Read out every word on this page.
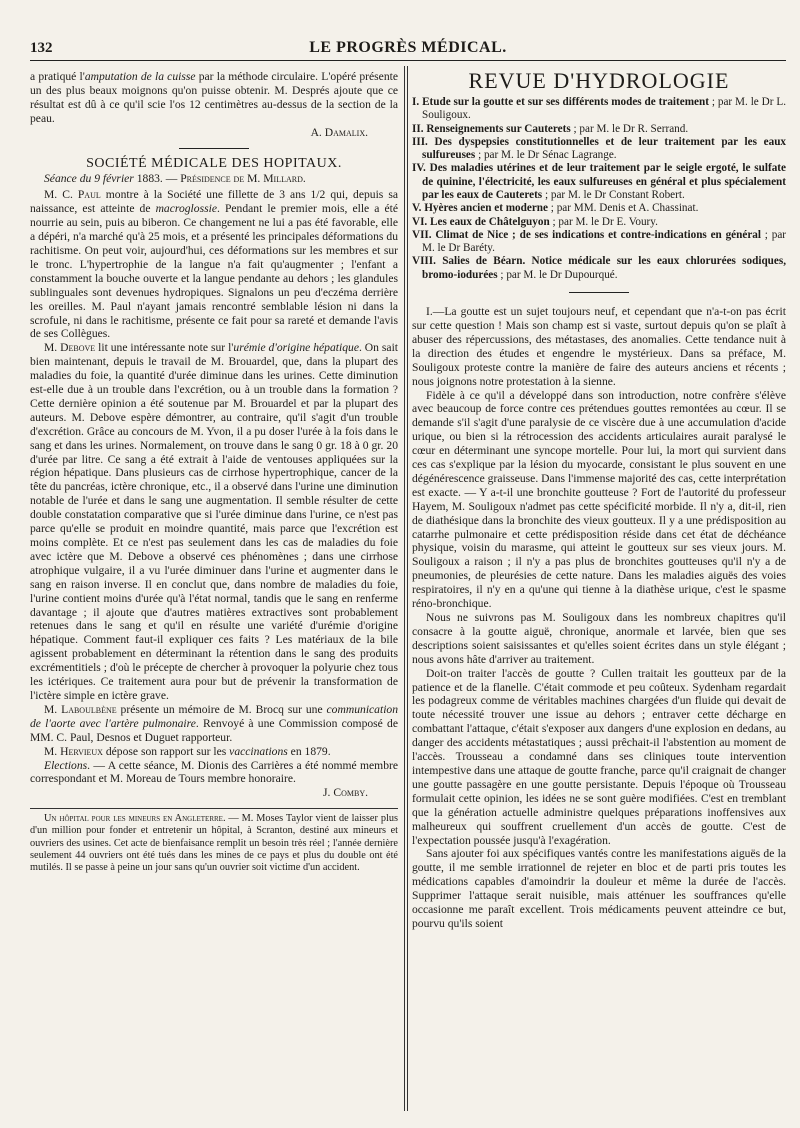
132	LE PROGRÈS MÉDICAL.

a pratiqué l'amputation de la cuisse par la méthode circulaire. L'opéré présente un des plus beaux moignons qu'on puisse obtenir. M. Després ajoute que ce résultat est dû à ce qu'il scie l'os 12 centimètres au-dessus de la section de la peau.

A. Damalix.

SOCIÉTÉ MÉDICALE DES HOPITAUX.

Séance du 9 février 1883. — Présidence de M. Millard.

M. C. Paul montre à la Société une fillette de 3 ans 1/2 qui, depuis sa naissance, est atteinte de macroglossie. Pendant le premier mois, elle a été nourrie au sein, puis au biberon. Ce changement ne lui a pas été favorable, elle a dépéri, n'a marché qu'à 25 mois, et a présenté les principales déformations du rachitisme. On peut voir, aujourd'hui, ces déformations sur les membres et sur le tronc. L'hypertrophie de la langue n'a fait qu'augmenter ; l'enfant a constamment la bouche ouverte et la langue pendante au dehors ; les glandules sublinguales sont devenues hydropiques. Signalons un peu d'eczéma derrière les oreilles. M. Paul n'ayant jamais rencontré semblable lésion ni dans la scrofule, ni dans le rachitisme, présente ce fait pour sa rareté et demande l'avis de ses Collègues.

M. Debove lit une intéressante note sur l'urémie d'origine hépatique. On sait bien maintenant, depuis le travail de M. Brouardel, que, dans la plupart des maladies du foie, la quantité d'urée diminue dans les urines. Cette diminution est-elle due à un trouble dans l'excrétion, ou à un trouble dans la formation ? Cette dernière opinion a été soutenue par M. Brouardel et par la plupart des auteurs. M. Debove espère démontrer, au contraire, qu'il s'agit d'un trouble d'excrétion. Grâce au concours de M. Yvon, il a pu doser l'urée à la fois dans le sang et dans les urines. Normalement, on trouve dans le sang 0 gr. 18 à 0 gr. 20 d'urée par litre. Ce sang a été extrait à l'aide de ventouses appliquées sur la région hépatique. Dans plusieurs cas de cirrhose hypertrophique, cancer de la tête du pancréas, ictère chronique, etc., il a observé dans l'urine une diminution notable de l'urée et dans le sang une augmentation. Il semble résulter de cette double constatation comparative que si l'urée diminue dans l'urine, ce n'est pas parce qu'elle se produit en moindre quantité, mais parce que l'excrétion est moins complète. Et ce n'est pas seulement dans les cas de maladies du foie avec ictère que M. Debove a observé ces phénomènes ; dans une cirrhose atrophique vulgaire, il a vu l'urée diminuer dans l'urine et augmenter dans le sang en raison inverse. Il en conclut que, dans nombre de maladies du foie, l'urine contient moins d'urée qu'à l'état normal, tandis que le sang en renferme davantage ; il ajoute que d'autres matières extractives sont probablement retenues dans le sang et qu'il en résulte une variété d'urémie d'origine hépatique. Comment faut-il expliquer ces faits ? Les matériaux de la bile agissent probablement en déterminant la rétention dans le sang des produits excrémentitiels ; d'où le précepte de chercher à provoquer la polyurie chez tous les ictériques. Ce traitement aura pour but de prévenir la transformation de l'ictère simple en ictère grave.

M. Laboulbène présente un mémoire de M. Brocq sur une communication de l'aorte avec l'artère pulmonaire. Renvoyé à une Commission composé de MM. C. Paul, Desnos et Duguet rapporteur.

M. Hervieux dépose son rapport sur les vaccinations en 1879.

Elections. — A cette séance, M. Dionis des Carrières a été nommé membre correspondant et M. Moreau de Tours membre honoraire.

J. Comby.

Un hôpital pour les mineurs en Angleterre. — M. Moses Taylor vient de laisser plus d'un million pour fonder et entretenir un hôpital, à Scranton, destiné aux mineurs et ouvriers des usines. Cet acte de bienfaisance remplit un besoin très réel ; l'année dernière seulement 44 ouvriers ont été tués dans les mines de ce pays et plus du double ont été mutilés. Il se passe à peine un jour sans qu'un ouvrier soit victime d'un accident.

REVUE D'HYDROLOGIE
I. Etude sur la goutte et sur ses différents modes de traitement ; par M. le Dr L. Souligoux.
II. Renseignements sur Cauterets ; par M. le Dr R. Serrand.
III. Des dyspepsies constitutionnelles et de leur traitement par les eaux sulfureuses ; par M. le Dr Sénac Lagrange.
IV. Des maladies utérines et de leur traitement par le seigle ergoté, le sulfate de quinine, l'électricité, les eaux sulfureuses en général et plus spécialement par les eaux de Cauterets ; par M. le Dr Constant Robert.
V. Hyères ancien et moderne ; par MM. Denis et A. Chassinat.
VI. Les eaux de Châtelguyon ; par M. le Dr E. Voury.
VII. Climat de Nice ; de ses indications et contre-indications en général ; par M. le Dr Baréty.
VIII. Salies de Béarn. Notice médicale sur les eaux chlorurées sodiques, bromo-iodurées ; par M. le Dr Dupourqué.

I.—La goutte est un sujet toujours neuf, et cependant que n'a-t-on pas écrit sur cette question ! Mais son champ est si vaste, surtout depuis qu'on se plaît à abuser des répercussions, des métastases, des anomalies. Cette tendance nuit à la direction des études et engendre le mystérieux. Dans sa préface, M. Souligoux proteste contre la manière de faire des auteurs anciens et récents ; nous joignons notre protestation à la sienne.

Fidèle à ce qu'il a développé dans son introduction, notre confrère s'élève avec beaucoup de force contre ces prétendues gouttes remontées au cœur. Il se demande s'il s'agit d'une paralysie de ce viscère due à une accumulation d'acide urique, ou bien si la rétrocession des accidents articulaires aurait paralysé le cœur en déterminant une syncope mortelle. Pour lui, la mort qui survient dans ces cas s'explique par la lésion du myocarde, consistant le plus souvent en une dégénérescence graisseuse. Dans l'immense majorité des cas, cette interprétation est exacte. — Y a-t-il une bronchite goutteuse ? Fort de l'autorité du professeur Hayem, M. Souligoux n'admet pas cette spécificité morbide. Il n'y a, dit-il, rien de diathésique dans la bronchite des vieux goutteux. Il y a une prédisposition au catarrhe pulmonaire et cette prédisposition réside dans cet état de déchéance physique, voisin du marasme, qui atteint le goutteux sur ses vieux jours. M. Souligoux a raison ; il n'y a pas plus de bronchites goutteuses qu'il n'y a de pneumonies, de pleurésies de cette nature. Dans les maladies aiguës des voies respiratoires, il n'y en a qu'une qui tienne à la diathèse urique, c'est le spasme réno-bronchique.

Nous ne suivrons pas M. Souligoux dans les nombreux chapitres qu'il consacre à la goutte aiguë, chronique, anormale et larvée, bien que ses descriptions soient saisissantes et qu'elles soient écrites dans un style élégant ; nous avons hâte d'arriver au traitement.

Doit-on traiter l'accès de goutte ? Cullen traitait les goutteux par de la patience et de la flanelle. C'était commode et peu coûteux. Sydenham regardait les podagreux comme de véritables machines chargées d'un fluide qui devait de toute nécessité trouver une issue au dehors ; entraver cette décharge en combattant l'attaque, c'était s'exposer aux dangers d'une explosion en dedans, au danger des accidents métastatiques ; aussi prêchait-il l'abstention au moment de l'accès. Trousseau a condamné dans ses cliniques toute intervention intempestive dans une attaque de goutte franche, parce qu'il craignait de changer une goutte passagère en une goutte persistante. Depuis l'époque où Trousseau formulait cette opinion, les idées ne se sont guère modifiées. C'est en tremblant que la génération actuelle administre quelques préparations inoffensives aux malheureux qui souffrent cruellement d'un accès de goutte. C'est de l'expectation poussée jusqu'à l'exagération.

Sans ajouter foi aux spécifiques vantés contre les manifestations aiguës de la goutte, il me semble irrationnel de rejeter en bloc et de parti pris toutes les médications capables d'amoindrir la douleur et même la durée de l'accès. Supprimer l'attaque serait nuisible, mais atténuer les souffrances qu'elle occasionne me paraît excellent. Trois médicaments peuvent atteindre ce but, pourvu qu'ils soient
